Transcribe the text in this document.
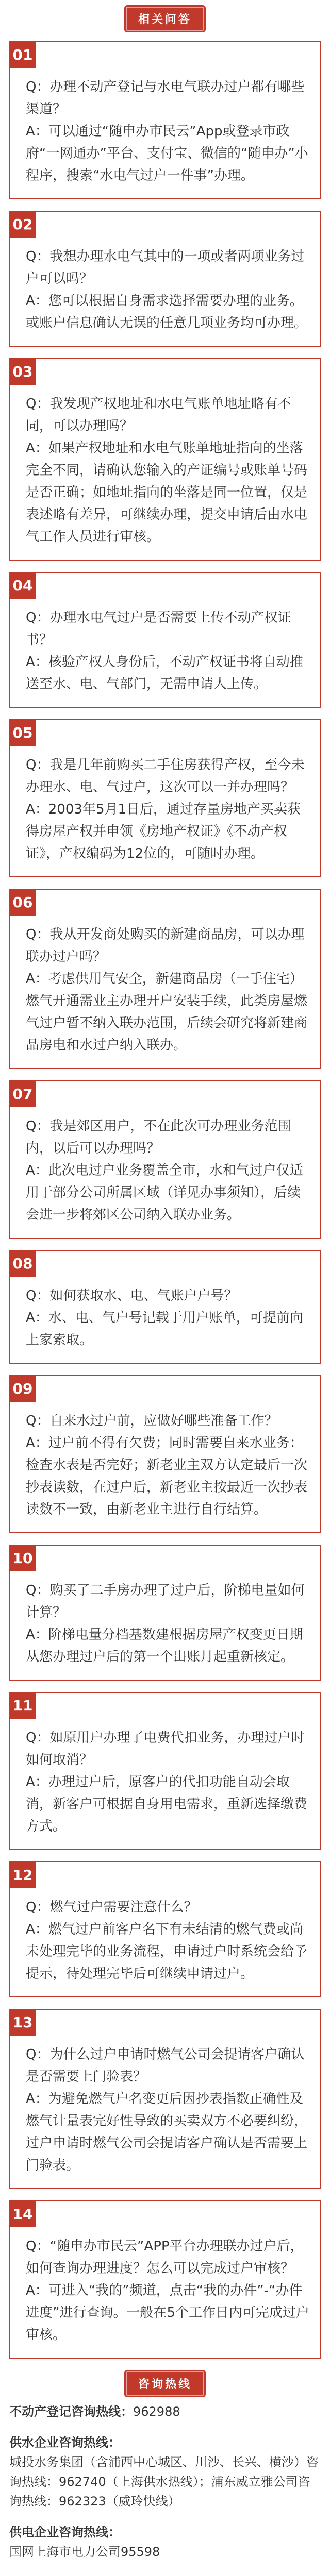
相关问答
01

Q：办理不动产登记与水电气联办过户都有哪些渠道？

A：可以通过“随申办市民云”App或登录市政府“一网通办”平台、支付宝、微信的“随申办”小程序，搜索“水电气过户一件事”办理。

02

Q：我想办理水电气其中的一项或者两项业务过户可以吗？

A：您可以根据自身需求选择需要办理的业务。或账户信息确认无误的任意几项业务均可办理。

03

Q：我发现产权地址和水电气账单地址略有不同，可以办理吗？

A：如果产权地址和水电气账单地址指向的坐落完全不同，请确认您输入的产证编号或账单号码是否正确；如地址指向的坐落是同一位置，仅是表述略有差异，可继续办理，提交申请后由水电气工作人员进行审核。

04

Q：办理水电气过户是否需要上传不动产权证书？

A：核验产权人身份后，不动产权证书将自动推送至水、电、气部门，无需申请人上传。

05

Q：我是几年前购买二手住房获得产权，至今未办理水、电、气过户，这次可以一并办理吗？

A：2003年5月1日后，通过存量房地产买卖获得房屋产权并申领《房地产权证》《不动产权证》，产权编码为12位的，可随时办理。

06

Q：我从开发商处购买的新建商品房，可以办理联办过户吗？

A：考虑供用气安全，新建商品房（一手住宅）燃气开通需业主办理开户安装手续，此类房屋燃气过户暂不纳入联办范围，后续会研究将新建商品房电和水过户纳入联办。

07

Q：我是郊区用户，不在此次可办理业务范围内，以后可以办理吗？

A：此次电过户业务覆盖全市，水和气过户仅适用于部分公司所属区域（详见办事须知），后续会进一步将郊区公司纳入联办业务。

08

Q：如何获取水、电、气账户户号？

A：水、电、气户号记载于用户账单，可提前向上家索取。

09

Q：自来水过户前，应做好哪些准备工作？

A：过户前不得有欠费；同时需要自来水业务：检查水表是否完好；新老业主双方认定最后一次抄表读数，在过户后，新老业主按最近一次抄表读数不一致，由新老业主进行自行结算。

10

Q：购买了二手房办理了过户后，阶梯电量如何计算？

A：阶梯电量分档基数建根据房屋产权变更日期从您办理过户后的第一个出账月起重新核定。

11

Q：如原用户办理了电费代扣业务，办理过户时如何取消？

A：办理过户后，原客户的代扣功能自动会取消，新客户可根据自身用电需求，重新选择缴费方式。

12

Q：燃气过户需要注意什么？

A：燃气过户前客户名下有未结清的燃气费或尚未处理完毕的业务流程，申请过户时系统会给予提示，待处理完毕后可继续申请过户。

13

Q：为什么过户申请时燃气公司会提请客户确认是否需要上门验表？

A：为避免燃气户名变更后因抄表指数正确性及燃气计量表完好性导致的买卖双方不必要纠纷，过户申请时燃气公司会提请客户确认是否需要上门验表。

14

Q：“随申办市民云”APP平台办理联办过户后，如何查询办理进度？怎么可以完成过户审核？

A：可进入“我的”频道，点击“我的办件”-“办件进度”进行查询。一般在5个工作日内可完成过户审核。

咨询热线
不动产登记咨询热线：962988
供水企业咨询热线：
城投水务集团（含浦西中心城区、川沙、长兴、横沙）咨询热线：962740（上海供水热线）；浦东威立雅公司咨询热线：962323（威玲快线）
供电企业咨询热线：
国网上海市电力公司95598
